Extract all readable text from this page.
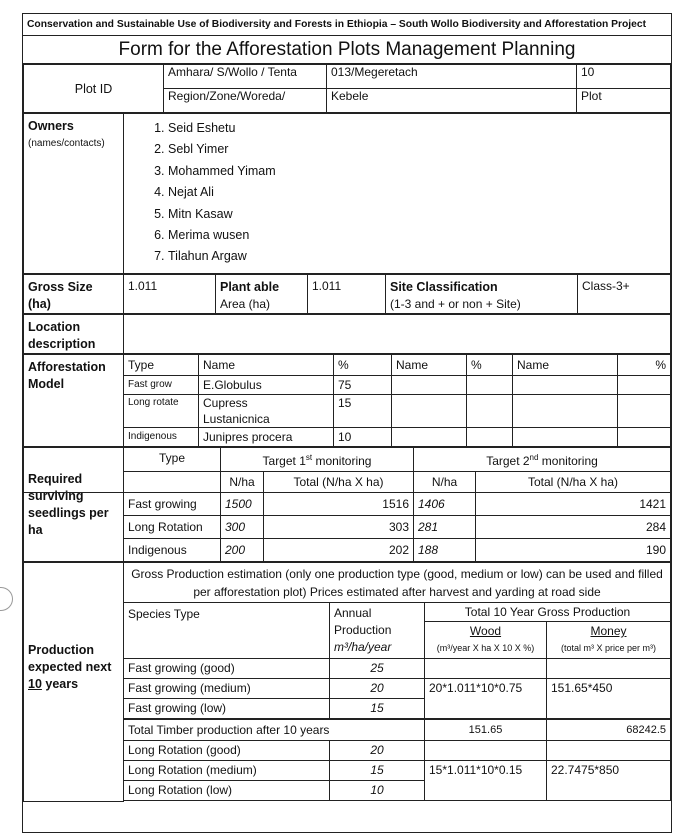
Conservation and Sustainable Use of Biodiversity and Forests in Ethiopia – South Wollo Biodiversity and Afforestation Project
Form for the Afforestation Plots Management Planning
Plot ID	Amhara/ S/Wollo / Tenta	013/Megeretach	10
	Region/Zone/Woreda/	Kebele	Plot
Owners
(names/contacts)

1. Seid Eshetu
2. Sebl Yimer
3. Mohammed Yimam
4. Nejat Ali
5. Mitn Kasaw
6. Merima wusen
7. Tilahun Argaw
Gross Size
(ha)
	1.011	Plant able
Area (ha)
	1.011	Site Classification
(1-3 and + or non + Site)
	Class-3+
Location description	
Afforestation Model	Type	Name	%	Name	%	Name	%
	Fast grow	E.Globulus	75				
	Long rotate	Cupress Lustanicnica	15				
	Indigenous	Junipres procera	10				
	Type	Target 1st monitoring		Target 2nd monitoring	
		N/ha	Total (N/ha X ha)	N/ha	Total (N/ha X ha)

Required surviving seedlings per ha	Fast growing	1500	1516	1406	1421
	Long Rotation	300	303	281	284
	Indigenous	200	202	188	190
Production expected next 10 years	Gross Production estimation (only one production type (good, medium or low) can be used and filled
per afforestation plot) Prices estimated after harvest and yarding at road side			

	Species Type	Annual
Production
m³/ha/year	Total 10 Year Gross Production	
			Wood	Money
			(m³/year X ha X 10 X %)	(total m³ X price per m³)
	Fast growing (good)	25		
	Fast growing (medium)	20	20*1.011*10*0.75	151.65*450
	Fast growing (low)	15		
	Total Timber production after 10 years		151.65	68242.5
	Long Rotation (good)	20		
	Long Rotation (medium)	15	15*1.011*10*0.15	22.7475*850
	Long Rotation (low)	10		
